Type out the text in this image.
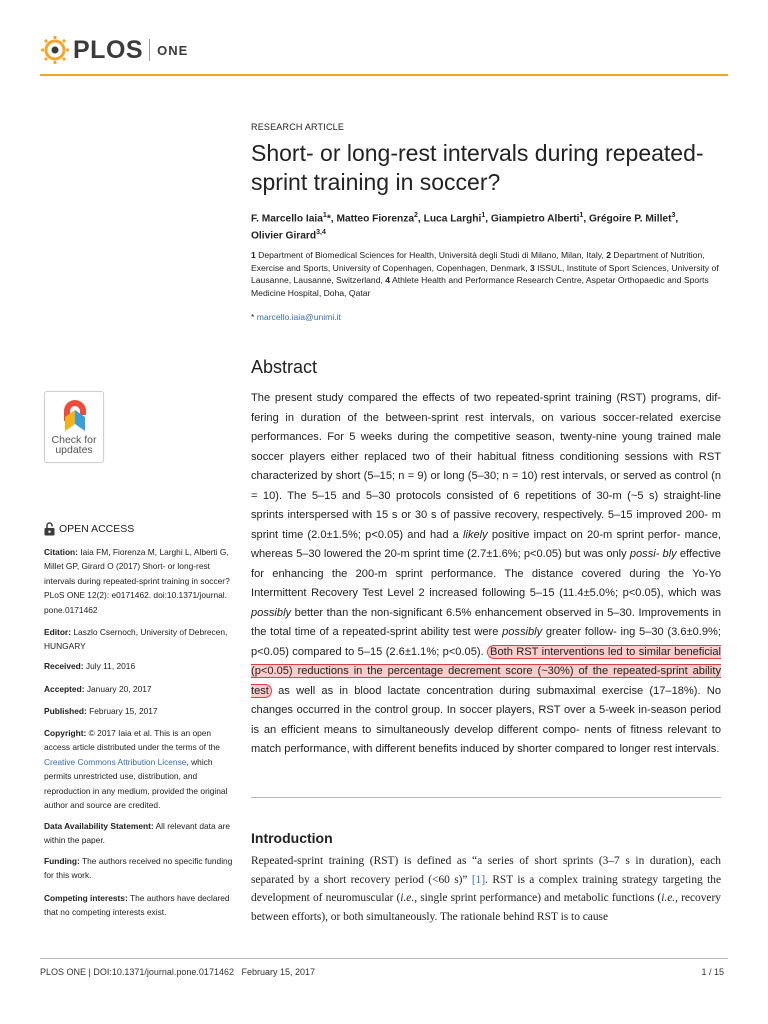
PLOS ONE
Check for
updates
OPEN ACCESS
Citation: Iaia FM, Fiorenza M, Larghi L, Alberti G, Millet GP, Girard O (2017) Short- or long-rest intervals during repeated-sprint training in soccer? PLoS ONE 12(2): e0171462. doi:10.1371/journal. pone.0171462
Editor: Laszlo Csernoch, University of Debrecen, HUNGARY
Received: July 11, 2016
Accepted: January 20, 2017
Published: February 15, 2017
Copyright: © 2017 Iaia et al. This is an open access article distributed under the terms of the Creative Commons Attribution License, which permits unrestricted use, distribution, and reproduction in any medium, provided the original author and source are credited.
Data Availability Statement: All relevant data are within the paper.
Funding: The authors received no specific funding for this work.
Competing interests: The authors have declared that no competing interests exist.
RESEARCH ARTICLE
Short- or long-rest intervals during repeated-
sprint training in soccer?
F. Marcello Iaia$^1$*, Matteo Fiorenza$^2$, Luca Larghi$^1$, Giampietro Alberti$^1$, Grégoire P. Millet$^3$,
Olivier Girard$^{3,4}$
1 Department of Biomedical Sciences for Health, Università degli Studi di Milano, Milan, Italy, 2 Department of Nutrition, Exercise and Sports, University of Copenhagen, Copenhagen, Denmark, 3 ISSUL, Institute of Sport Sciences, University of Lausanne, Lausanne, Switzerland, 4 Athlete Health and Performance Research Centre, Aspetar Orthopaedic and Sports Medicine Hospital, Doha, Qatar
* marcello.iaia@unimi.it
Abstract
The present study compared the effects of two repeated-sprint training (RST) programs, dif- fering in duration of the between-sprint rest intervals, on various soccer-related exercise performances. For 5 weeks during the competitive season, twenty-nine young trained male soccer players either replaced two of their habitual fitness conditioning sessions with RST characterized by short (5–15; n = 9) or long (5–30; n = 10) rest intervals, or served as control (n = 10). The 5–15 and 5–30 protocols consisted of 6 repetitions of 30-m (~5 s) straight-line sprints interspersed with 15 s or 30 s of passive recovery, respectively. 5–15 improved 200- m sprint time (2.0±1.5%; p<0.05) and had a likely positive impact on 20-m sprint perfor- mance, whereas 5–30 lowered the 20-m sprint time (2.7±1.6%; p<0.05) but was only possi- bly effective for enhancing the 200-m sprint performance. The distance covered during the Yo-Yo Intermittent Recovery Test Level 2 increased following 5–15 (11.4±5.0%; p<0.05), which was possibly better than the non-significant 6.5% enhancement observed in 5–30. Improvements in the total time of a repeated-sprint ability test were possibly greater follow- ing 5–30 (3.6±0.9%; p<0.05) compared to 5–15 (2.6±1.1%; p<0.05). Both RST interventions led to similar beneficial (p<0.05) reductions in the percentage decrement score (~30%) of the repeated-sprint ability test as well as in blood lactate concentration during submaximal exercise (17–18%). No changes occurred in the control group. In soccer players, RST over a 5-week in-season period is an efficient means to simultaneously develop different compo- nents of fitness relevant to match performance, with different benefits induced by shorter compared to longer rest intervals.
Introduction
Repeated-sprint training (RST) is defined as “a series of short sprints (3–7 s in duration), each separated by a short recovery period (<60 s)” [1]. RST is a complex training strategy targeting the development of neuromuscular (i.e., single sprint performance) and metabolic functions (i.e., recovery between efforts), or both simultaneously. The rationale behind RST is to cause
PLOS ONE | DOI:10.1371/journal.pone.0171462   February 15, 2017	1 / 15
